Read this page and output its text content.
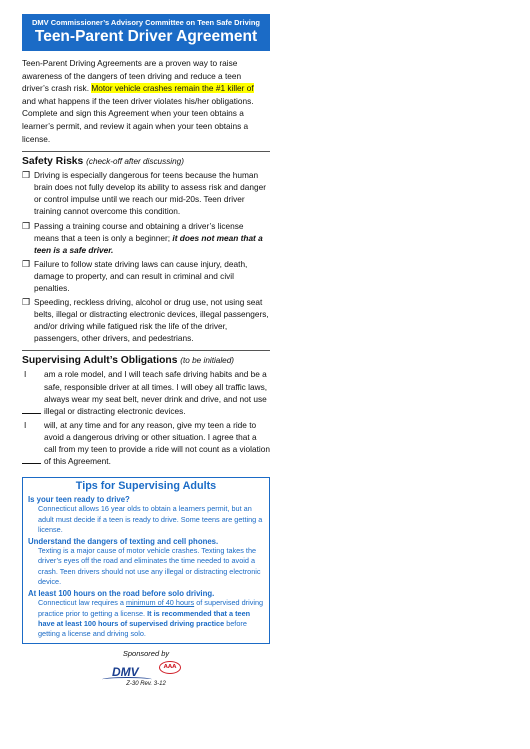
DMV Commissioner’s Advisory Committee on Teen Safe Driving
Teen-Parent Driver Agreement
Teen-Parent Driving Agreements are a proven way to raise awareness of the dangers of teen driving and reduce a teen driver’s crash risk. Motor vehicle crashes remain the #1 killer of
and what happens if the teen driver violates his/her obligations. Complete and sign this Agreement when your teen obtains a learner’s permit, and review it again when your teen obtains a license.
Safety Risks (check-off after discussing)
❒ Driving is especially dangerous for teens because the human brain does not fully develop its ability to assess risk and danger or control impulse until we reach our mid-20s. Teen driver training cannot overcome this condition.
❒ Passing a training course and obtaining a driver’s license means that a teen is only a beginner; it does not mean that a teen is a safe driver.
❒ Failure to follow state driving laws can cause injury, death, damage to property, and can result in criminal and civil penalties.
❒ Speeding, reckless driving, alcohol or drug use, not using seat belts, illegal or distracting electronic devices, illegal passengers, and/or driving while fatigued risk the life of the driver, passengers, other drivers, and pedestrians.
Supervising Adult’s Obligations (to be initialed)
I am a role model, and I will teach safe driving habits and be a safe, responsible driver at all times. I will obey all traffic laws, always wear my seat belt, never drink and drive, and not use illegal or distracting electronic devices.
I will, at any time and for any reason, give my teen a ride to avoid a dangerous driving or other situation. I agree that a call from my teen to provide a ride will not count as a violation of this Agreement.
Tips for Supervising Adults
Is your teen ready to drive?
Connecticut allows 16 year olds to obtain a learners permit, but an adult must decide if a teen is ready to drive. Some teens are getting a license.
Understand the dangers of texting and cell phones.
Texting is a major cause of motor vehicle crashes. Texting takes the driver’s eyes off the road and eliminates the time needed to avoid a crash. Teen drivers should not use any illegal or distracting electronic device.
At least 100 hours on the road before solo driving.
Connecticut law requires a minimum of 40 hours of supervised driving practice prior to getting a license. It is recommended that a teen have at least 100 hours of supervised driving practice before getting a license and driving solo.
Sponsored by
DMV	AAA
Z-30 Rev. 3-12
